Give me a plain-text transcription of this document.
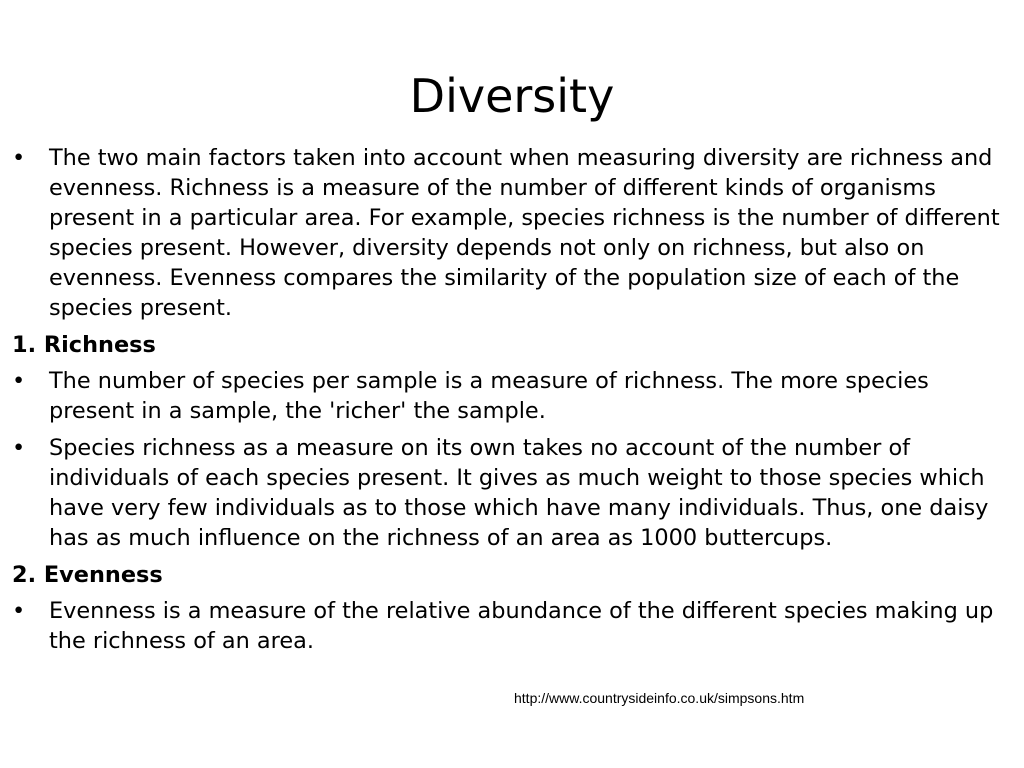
Diversity
•	The two main factors taken into account when measuring diversity are richness and evenness. Richness is a measure of the number of different kinds of organisms present in a particular area. For example, species richness is the number of different species present. However, diversity depends not only on richness, but also on evenness. Evenness compares the similarity of the population size of each of the species present.
1. Richness
•	The number of species per sample is a measure of richness. The more species present in a sample, the 'richer' the sample.
•	Species richness as a measure on its own takes no account of the number of individuals of each species present. It gives as much weight to those species which have very few individuals as to those which have many individuals. Thus, one daisy has as much influence on the richness of an area as 1000 buttercups.
2. Evenness
•	Evenness is a measure of the relative abundance of the different species making up the richness of an area.
http://www.countrysideinfo.co.uk/simpsons.htm
